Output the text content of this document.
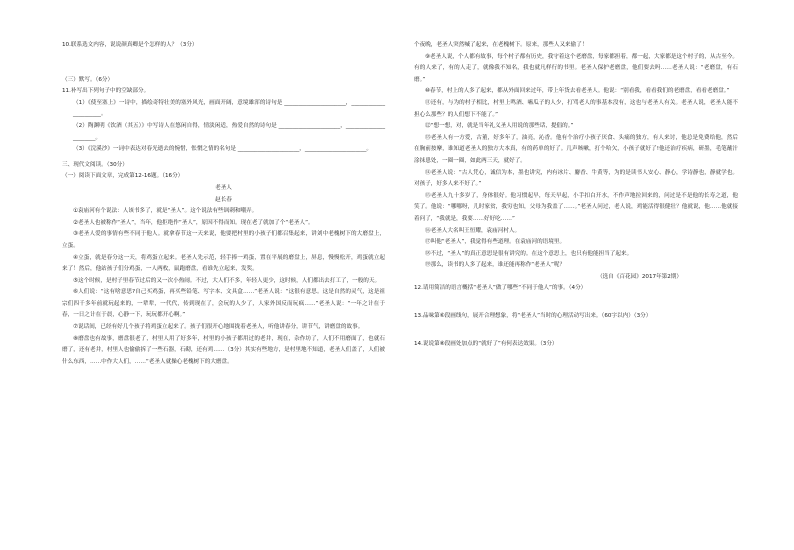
10.联系选文内容，说说颜真卿是个怎样的人？（3分）
（三）默写。（6分）
11.补写出下列句子中的空缺部分。
（1）《使至塞上》一诗中，描绘奇特壮美的塞外风光，画面开阔，意境雄浑的诗句是 ______________________，______________________。
（2）陶渊明《饮酒（其五）》中写诗人在悠闲自得，情淡闲适，热爱自然的诗句是 ______________________，______________________。
（3）《浣溪沙》一词中表达对春光逝去的惋惜，怅惘之情的名句是 ______________________，______________________。
三、现代文阅读。（30分）
（一）阅读下面文章，完成第12-16题。（16分）
老圣人
赵长春
①袁庙河有个说法：人该书多了，就是“圣人”。这个说法有些讽刺和嘲弄。
②老圣人也被称作“圣人”，当年，他拒绝作“圣人”，原因不得而知。现在老了就加了个“老圣人”。
③老圣人爱的事情有些不同于他人。就拿春节这一天来说，他要把村里的小孩子们都召集起来，讲刘中老槐树下的大磨盘上，立蛋。
④立蛋，就是春分这一天，将鸡蛋立起来。老圣人先示范，轻手捧一鸡蛋，置在平展的磨盘上，屏息，慢慢松开，鸡蛋就立起来了！然后，他站孩子们分鸡蛋，一人两枚，鼠跑磨盘，看谁先立起来，发奖。
⑤这个时候，是村子里春节过后的又一次小热闹。不过，大人们不多，年轻人更少，这时候，人们都出去打工了，一般的天。
⑥人们说：“这有啥意思?自己买鸡蛋，再买些铅笔、写字本、文具盒……”老圣人说：“这很有意思。这是自然的灵气，这是祖宗们四千多年前就玩起来的，一辈辈，一代代，传到现在了，会玩的人少了，人家外国反而玩疯……”老圣人说：“一年之计在于春，一日之计在于晨，心静一下，玩玩都开心啊。”
⑦说话间，已经有好几个孩子将鸡蛋立起来了。孩子们很开心地围拢着老圣人，听他讲春分，讲节气，讲磨盘的故事。
⑧磨盘也有故事，磨盘很老了，村里人用了好多年，村里的小孩子都用过的老井，现在，杂作坊了，人们不用磨面了，也就石磨了，还有老井，村里人也偷偷拆了一些石器，石砌，还有鸡……（3分）其实有些地方，是村里地不知道，老圣人们盖了，人们被什么东西，……中作大人们，……“老圣人就操心老槐树下的大磨盘。
个夜晚，老圣人突然喊了起来，在老槐树下。原来，那些人又来偷了！
⑨老圣人说，个人都有故事，每个村子都有历史，我守着这个老磨盘，每家都担着，都一起，大家都是这个村子的，从古至今。有的人来了，有的人走了，就像我不知名，我也就凡样行的书里。老圣人保护老磨盘，他们要去吗……老圣人说：“老磨盘，有石磨。”
⑩春节，村上的人多了起来，都从外面回来过年，带上年货去看老圣人。他说：“别看我，看看我们的老磨盘，看看老磨盘。”
⑪还有，与为的村子相比，村里上鸣酒、嗑瓜子的人少，打骂老人的事基本没有，这也与老圣人有关。老圣人说，老圣人能不担心么那些？的人们想下不能了。”
⑫“想一想，对，就是当年礼义圣人用说的那些话，提倡的。”
⑬老圣人有一方爱，古董，好多年了，油亮，沁香。他有个治疗小孩子厌食、头痛的独方，有人来讨，他总是免费给他，然后在胸前按摩，谁知道老圣人的独方大本真，有的药单的好了。几声咳嗽，打个哈欠，小孩子就好了!他还治疗疾病，研墨，毛笔蘸汁涂抹患处，一圈一圈，如此两三天，就好了。
⑭老圣人说：“古人凭心，诚信为本，墨也讲究，内有冰片、麝香、牛黄等，为的是读书人安心、静心，学诗静也，静就学也。对孩子，好多人来不好了。”
⑮老圣人九十多岁了，身体很好。他习惯起早，每天早起，小手扣白开水，不作声地拉回来的，问过是不是他的长寿之道，他笑了。他说：“哪哪呀，儿时家贫，我穷也知，父母为我盖了……。”老圣人问过，老人说，鸡能活得很健壮？他就说，他……他就接着问了，“我就是，我要……好好吃……”
⑯老圣人大名叫王恒耀，袁庙河村人。
⑰叫他“老圣人”，我觉得有些道理。在袁庙河的语境里。
⑱不过，“圣人”的真正意思是很有讲究的。在这个意思上，也只有他能担当了起来。
⑲那么，读书的人多了起来，谁还能再称作“老圣人”呢？
（选自《百花园》2017年第2期）
12.请用简洁的语言概括“老圣人”做了哪些“不同于他人”的事。（4分）
13.品味第⑥段画线句，展开合理想象，将“老圣人”当时的心理活动写出来。（60字以内）（3分）
14.说说第⑧段画处加点的“就好了”有何表达效果。（3分）
